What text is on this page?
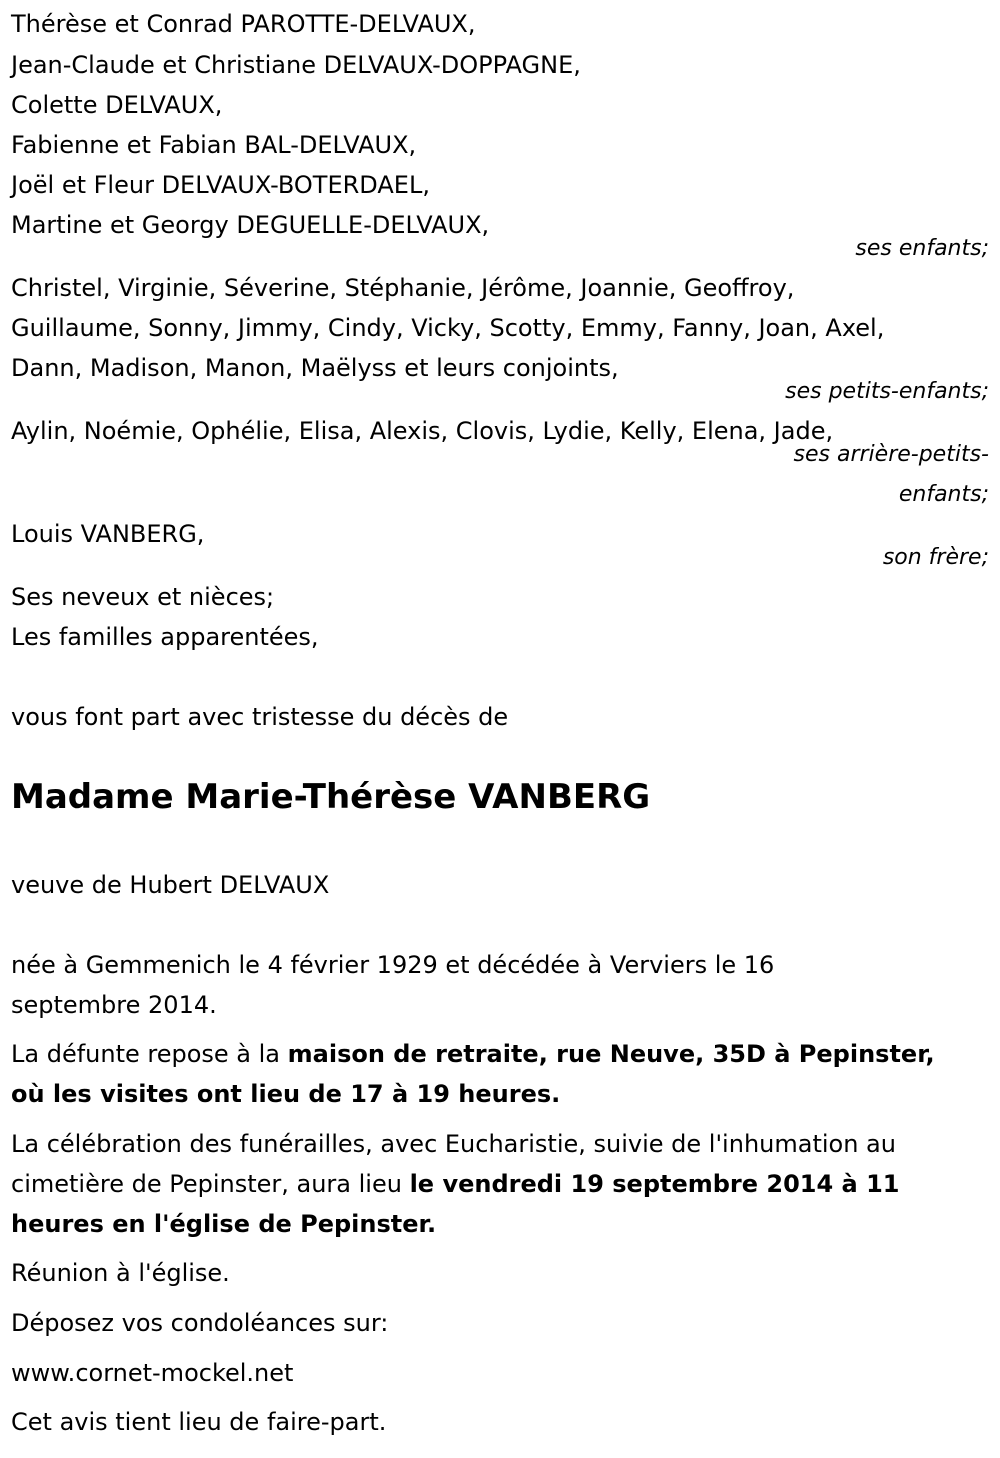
Thérèse et Conrad PAROTTE-DELVAUX,
Jean-Claude et Christiane DELVAUX-DOPPAGNE,
Colette DELVAUX,
Fabienne et Fabian BAL-DELVAUX,
Joël et Fleur DELVAUX-BOTERDAEL,
Martine et Georgy DEGUELLE-DELVAUX,
ses enfants;
Christel, Virginie, Séverine, Stéphanie, Jérôme, Joannie, Geoffroy,
Guillaume, Sonny, Jimmy, Cindy, Vicky, Scotty, Emmy, Fanny, Joan, Axel,
Dann, Madison, Manon, Maëlyss et leurs conjoints,
ses petits-enfants;
Aylin, Noémie, Ophélie, Elisa, Alexis, Clovis, Lydie, Kelly, Elena, Jade,
ses arrière-petits-
enfants;
Louis VANBERG,
son frère;
Ses neveux et nièces;
Les familles apparentées,
vous font part avec tristesse du décès de
Madame Marie-Thérèse VANBERG
veuve de Hubert DELVAUX
née à Gemmenich le 4 février 1929 et décédée à Verviers le 16
septembre 2014.
La défunte repose à la maison de retraite, rue Neuve, 35D à Pepinster,
où les visites ont lieu de 17 à 19 heures.
La célébration des funérailles, avec Eucharistie, suivie de l'inhumation au
cimetière de Pepinster, aura lieu le vendredi 19 septembre 2014 à 11
heures en l'église de Pepinster.
Réunion à l'église.
Déposez vos condoléances sur:
www.cornet-mockel.net
Cet avis tient lieu de faire-part.
